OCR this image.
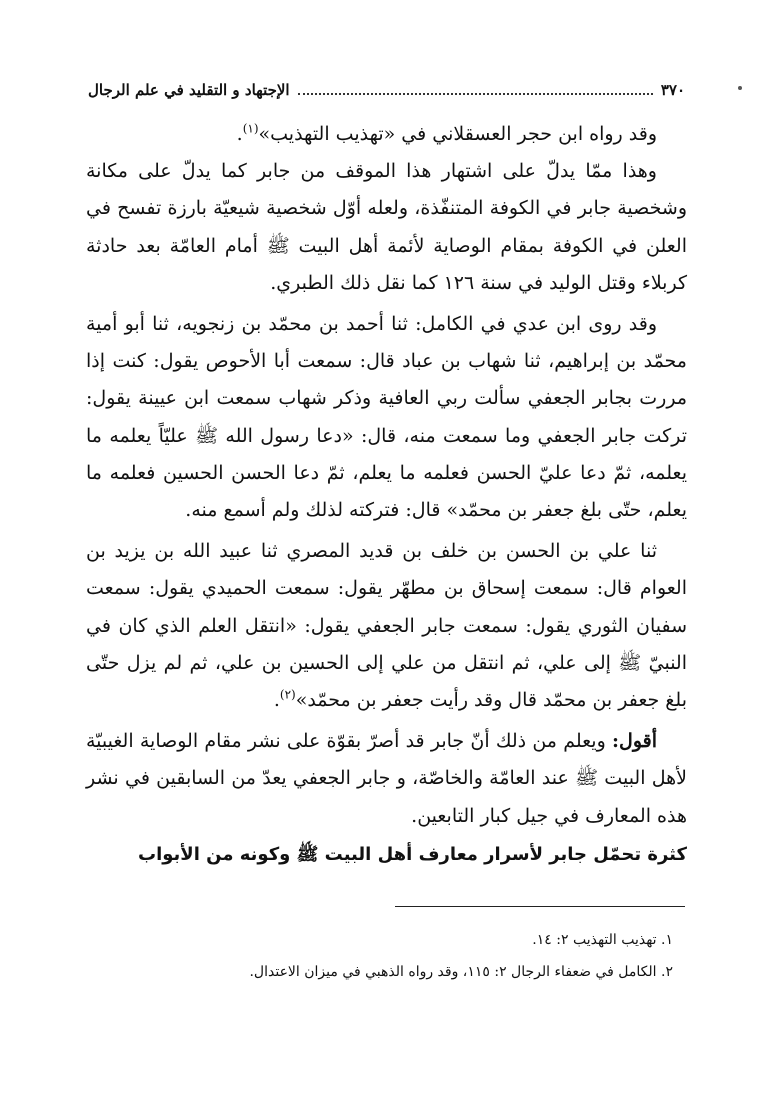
٣٧٠
الإجتهاد و التقليد في علم الرجال

وقد رواه ابن حجر العسقلاني في «تهذيب التهذيب»$^{(١)}$.

وهذا ممّا يدلّ على اشتهار هذا الموقف من جابر كما يدلّ على مكانة وشخصية جابر في الكوفة المتنفّذة، ولعله أوّل شخصية شيعيّة بارزة تفسح في العلن في الكوفة بمقام الوصاية لأئمة أهل البيت ﷺ أمام العامّة بعد حادثة كربلاء وقتل الوليد في سنة ١٢٦ كما نقل ذلك الطبري.

وقد روى ابن عدي في الكامل: ثنا أحمد بن محمّد بن زنجويه، ثنا أبو أمية محمّد بن إبراهيم، ثنا شهاب بن عباد قال: سمعت أبا الأحوص يقول: كنت إذا مررت بجابر الجعفي سألت ربي العافية وذكر شهاب سمعت ابن عيينة يقول: تركت جابر الجعفي وما سمعت منه، قال: «دعا رسول الله ﷺ عليّاً يعلمه ما يعلمه، ثمّ دعا عليّ الحسن فعلمه ما يعلم، ثمّ دعا الحسن الحسين فعلمه ما يعلم، حتّى بلغ جعفر بن محمّد» قال: فتركته لذلك ولم أسمع منه.

ثنا علي بن الحسن بن خلف بن قديد المصري ثنا عبيد الله بن يزيد بن العوام قال: سمعت إسحاق بن مطهّر يقول: سمعت الحميدي يقول: سمعت سفيان الثوري يقول: سمعت جابر الجعفي يقول: «انتقل العلم الذي كان في النبيّ ﷺ إلى علي، ثم انتقل من علي إلى الحسين بن علي، ثم لم يزل حتّى بلغ جعفر بن محمّد قال وقد رأيت جعفر بن محمّد»$^{(٢)}$.

أقول: ويعلم من ذلك أنّ جابر قد أصرّ بقوّة على نشر مقام الوصاية الغيبيّة لأهل البيت ﷺ عند العامّة والخاصّة، و جابر الجعفي يعدّ من السابقين في نشر هذه المعارف في جيل كبار التابعين.

كثرة تحمّل جابر لأسرار معارف أهل البيت ﷺ وكونه من الأبواب

١. تهذيب التهذيب ٢: ١٤.

٢. الكامل في ضعفاء الرجال ٢: ١١٥، وقد رواه الذهبي في ميزان الاعتدال.
